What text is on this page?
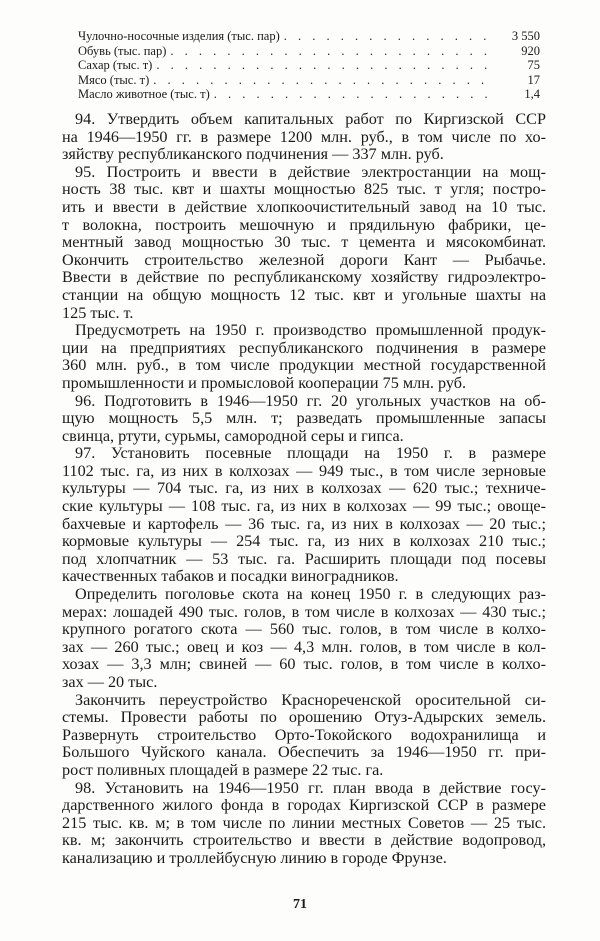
Чулочно-носочные изделия (тыс. пар) . . .	3 550
Обувь (тыс. пар) . . .	920
Сахар (тыс. т) . . .	75
Мясо (тыс. т) . . .	17
Масло животное (тыс. т) . . .	1,4
94. Утвердить объем капитальных работ по Киргизской ССР
на 1946—1950 гг. в размере 1200 млн. руб., в том числе по хо-
зяйству республиканского подчинения — 337 млн. руб.
95. Построить и ввести в действие электростанции на мощ-
ность 38 тыс. квт и шахты мощностью 825 тыс. т угля; постро-
ить и ввести в действие хлопкоочистительный завод на 10 тыс.
т волокна, построить мешочную и прядильную фабрики, це-
ментный завод мощностью 30 тыс. т цемента и мясокомбинат.
Окончить строительство железной дороги Кант — Рыбачье.
Ввести в действие по республиканскому хозяйству гидроэлектро-
станции на общую мощность 12 тыс. квт и угольные шахты на
125 тыс. т.
Предусмотреть на 1950 г. производство промышленной продук-
ции на предприятиях республиканского подчинения в размере
360 млн. руб., в том числе продукции местной государственной
промышленности и промысловой кооперации 75 млн. руб.
96. Подготовить в 1946—1950 гг. 20 угольных участков на об-
щую мощность 5,5 млн. т; разведать промышленные запасы
свинца, ртути, сурьмы, самородной серы и гипса.
97. Установить посевные площади на 1950 г. в размере
1102 тыс. га, из них в колхозах — 949 тыс., в том числе зерновые
культуры — 704 тыс. га, из них в колхозах — 620 тыс.; техниче-
ские культуры — 108 тыс. га, из них в колхозах — 99 тыс.; овоще-
бахчевые и картофель — 36 тыс. га, из них в колхозах — 20 тыс.;
кормовые культуры — 254 тыс. га, из них в колхозах 210 тыс.;
под хлопчатник — 53 тыс. га. Расширить площади под посевы
качественных табаков и посадки виноградников.
Определить поголовье скота на конец 1950 г. в следующих раз-
мерах: лошадей 490 тыс. голов, в том числе в колхозах — 430 тыс.;
крупного рогатого скота — 560 тыс. голов, в том числе в колхо-
зах — 260 тыс.; овец и коз — 4,3 млн. голов, в том числе в кол-
хозах — 3,3 млн; свиней — 60 тыс. голов, в том числе в колхо-
зах — 20 тыс.
Закончить переустройство Краснореченской оросительной си-
стемы. Провести работы по орошению Отуз-Адырских земель.
Развернуть строительство Орто-Токойского водохранилища и
Большого Чуйского канала. Обеспечить за 1946—1950 гг. при-
рост поливных площадей в размере 22 тыс. га.
98. Установить на 1946—1950 гг. план ввода в действие госу-
дарственного жилого фонда в городах Киргизской ССР в размере
215 тыс. кв. м; в том числе по линии местных Советов — 25 тыс.
кв. м; закончить строительство и ввести в действие водопровод,
канализацию и троллейбусную линию в городе Фрунзе.
71
